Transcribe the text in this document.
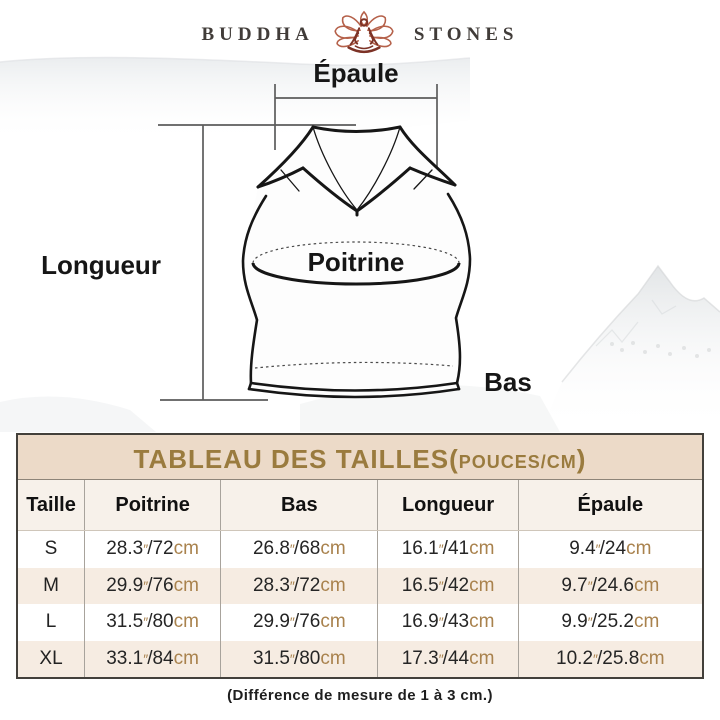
BUDDHA	STONES
Épaule
Longueur	Poitrine
Bas
TABLEAU DES TAILLES ( POUCES/CM )
Taille	Poitrine	Bas	Longueur	Épaule
S	28.3 ″ / 72 cm	26.8 ″ / 68 cm	16.1 ″ / 41 cm	9.4 ″ / 24 cm
M	29.9 ″ / 76 cm	28.3 ″ / 72 cm	16.5 ″ / 42 cm	9.7 ″ / 24.6 cm
L	31.5 ″ / 80 cm	29.9 ″ / 76 cm	16.9 ″ / 43 cm	9.9 ″ / 25.2 cm
XL	33.1 ″ / 84 cm	31.5 ″ / 80 cm	17.3 ″ / 44 cm	10.2 ″ / 25.8 cm
(Différence de mesure de 1 à 3 cm.)
